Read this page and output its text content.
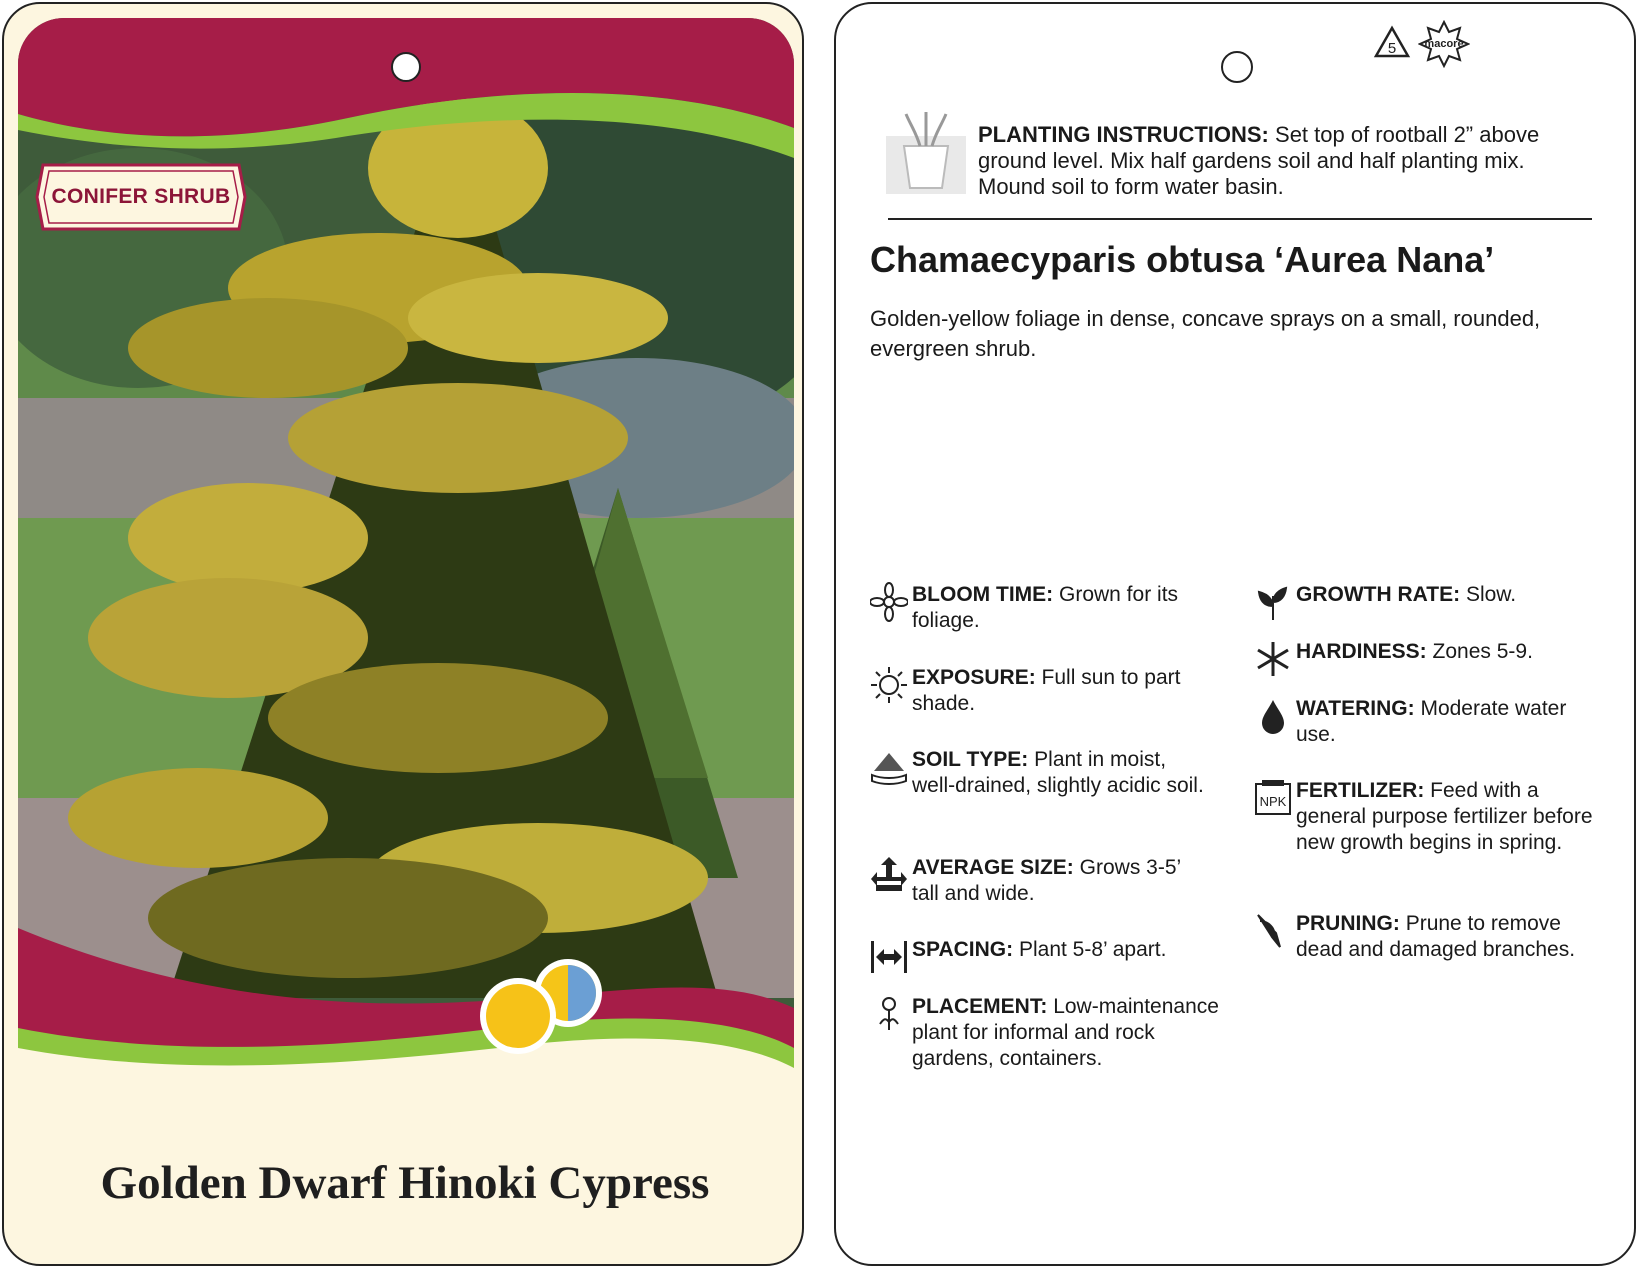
CONIFER SHRUB
Golden Dwarf Hinoki Cypress
5	macore
PLANTING INSTRUCTIONS: Set top of rootball 2” above ground level. Mix half gardens soil and half planting mix. Mound soil to form water basin.
Chamaecyparis obtusa ‘Aurea Nana’
Golden-yellow foliage in dense, concave sprays on a small, rounded, evergreen shrub.
BLOOM TIME: Grown for its foliage.
EXPOSURE: Full sun to part shade.
SOIL TYPE: Plant in moist, well-drained, slightly acidic soil.
AVERAGE SIZE: Grows 3-5’ tall and wide.
SPACING: Plant 5-8’ apart.
PLACEMENT: Low-maintenance plant for informal and rock gardens, containers.
GROWTH RATE: Slow.
HARDINESS: Zones 5-9.
WATERING: Moderate water use.
NPK FERTILIZER: Feed with a general purpose fertilizer before new growth begins in spring.
PRUNING: Prune to remove dead and damaged branches.
